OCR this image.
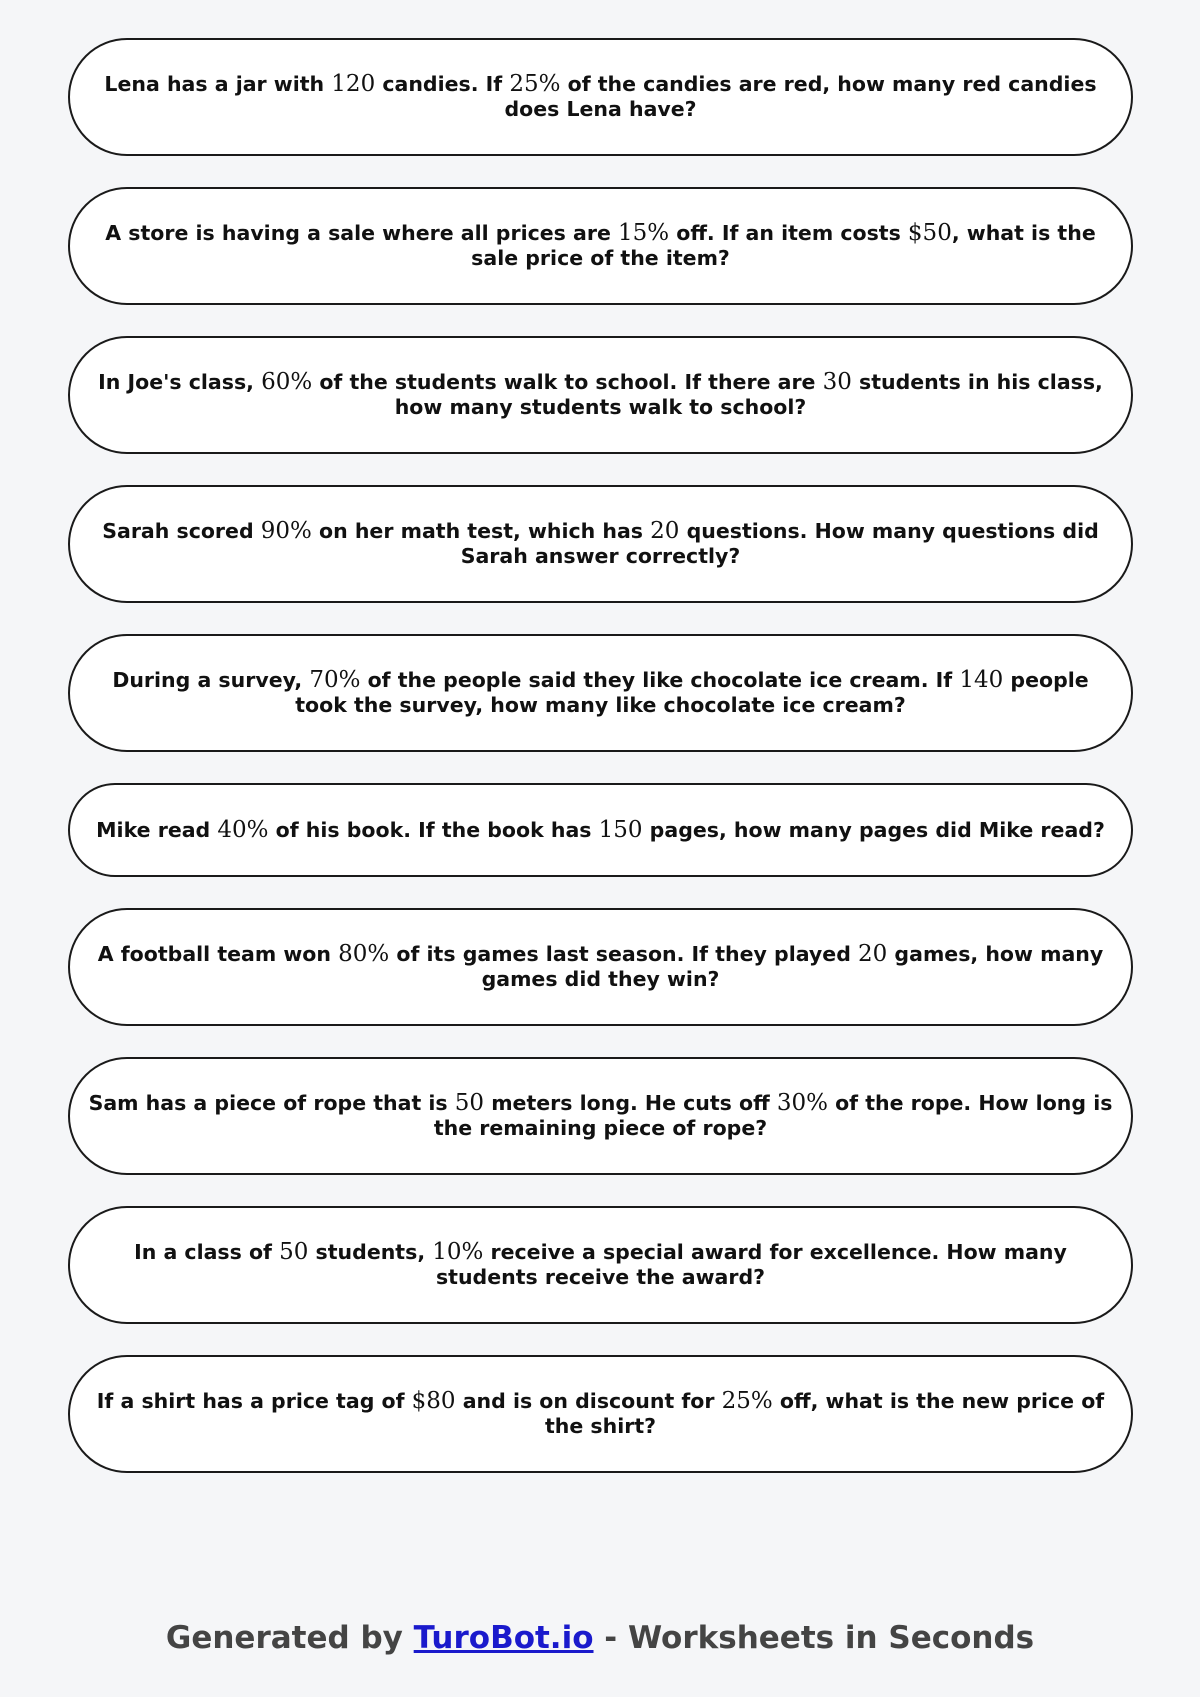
Lena has a jar with 120 candies. If 25% of the candies are red, how many red candies does Lena have?
A store is having a sale where all prices are 15% off. If an item costs $50, what is the sale price of the item?
In Joe's class, 60% of the students walk to school. If there are 30 students in his class, how many students walk to school?
Sarah scored 90% on her math test, which has 20 questions. How many questions did Sarah answer correctly?
During a survey, 70% of the people said they like chocolate ice cream. If 140 people took the survey, how many like chocolate ice cream?
Mike read 40% of his book. If the book has 150 pages, how many pages did Mike read?
A football team won 80% of its games last season. If they played 20 games, how many games did they win?
Sam has a piece of rope that is 50 meters long. He cuts off 30% of the rope. How long is the remaining piece of rope?
In a class of 50 students, 10% receive a special award for excellence. How many students receive the award?
If a shirt has a price tag of $80 and is on discount for 25% off, what is the new price of the shirt?
Generated by TuroBot.io - Worksheets in Seconds
